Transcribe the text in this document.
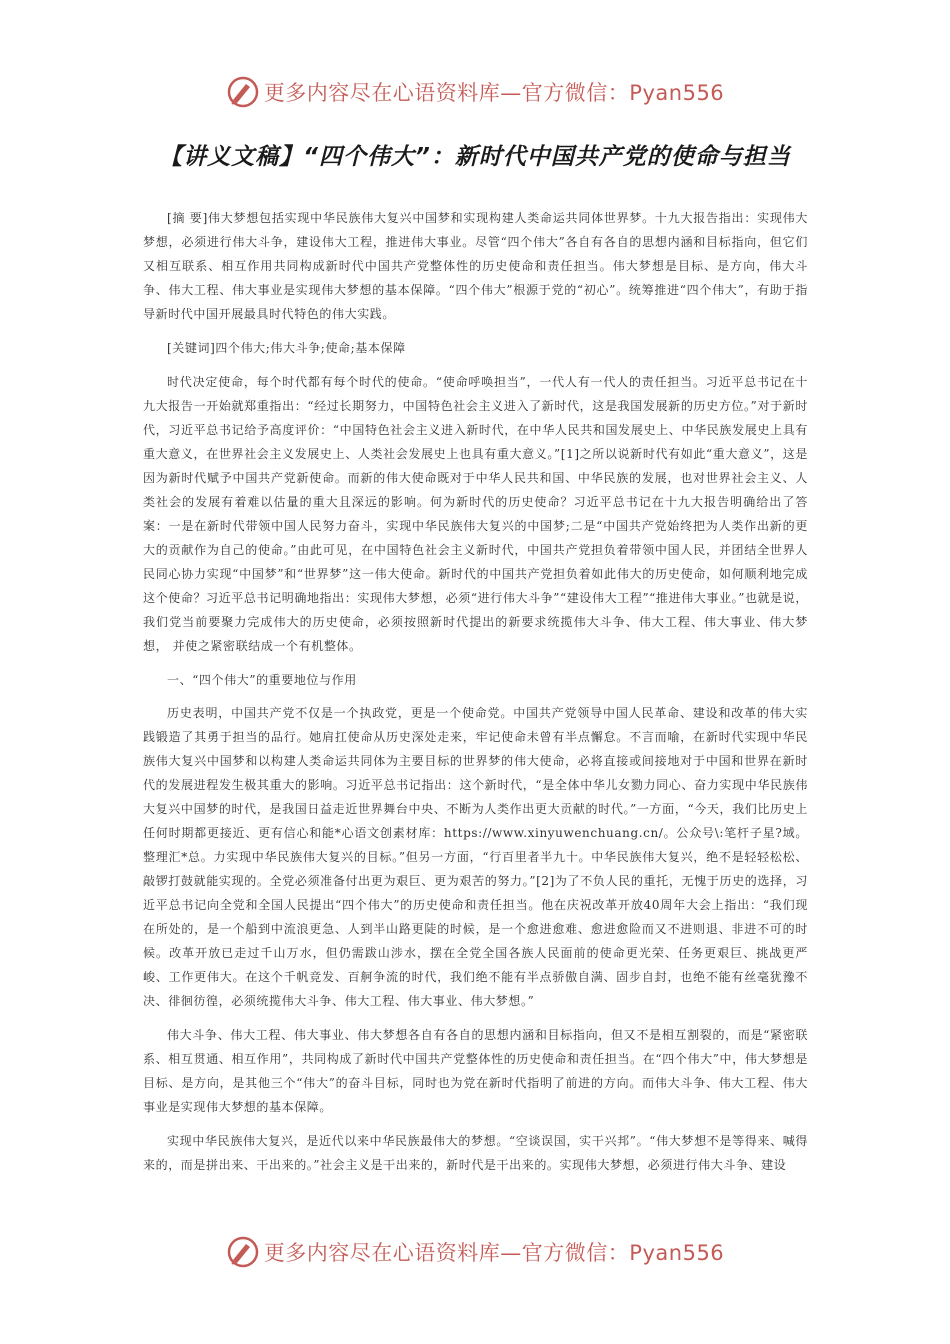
更多内容尽在心语资料库—官方微信：Pyan556
【讲义文稿】“四个伟大”：新时代中国共产党的使命与担当

[摘 要]伟大梦想包括实现中华民族伟大复兴中国梦和实现构建人类命运共同体世界梦。十九大报告指出：实现伟大梦想，必须进行伟大斗争，建设伟大工程，推进伟大事业。尽管“四个伟大”各自有各自的思想内涵和目标指向，但它们又相互联系、相互作用共同构成新时代中国共产党整体性的历史使命和责任担当。伟大梦想是目标、是方向，伟大斗争、伟大工程、伟大事业是实现伟大梦想的基本保障。“四个伟大”根源于党的“初心”。统筹推进“四个伟大”，有助于指导新时代中国开展最具时代特色的伟大实践。

[关键词]四个伟大;伟大斗争;使命;基本保障

时代决定使命，每个时代都有每个时代的使命。“使命呼唤担当”，一代人有一代人的责任担当。习近平总书记在十九大报告一开始就郑重指出：“经过长期努力，中国特色社会主义进入了新时代，这是我国发展新的历史方位。”对于新时代，习近平总书记给予高度评价：“中国特色社会主义进入新时代，在中华人民共和国发展史上、中华民族发展史上具有重大意义，在世界社会主义发展史上、人类社会发展史上也具有重大意义。”[1]之所以说新时代有如此“重大意义”，这是因为新时代赋予中国共产党新使命。而新的伟大使命既对于中华人民共和国、中华民族的发展，也对世界社会主义、人类社会的发展有着难以估量的重大且深远的影响。何为新时代的历史使命？习近平总书记在十九大报告明确给出了答案：一是在新时代带领中国人民努力奋斗，实现中华民族伟大复兴的中国梦;二是“中国共产党始终把为人类作出新的更大的贡献作为自己的使命。”由此可见，在中国特色社会主义新时代，中国共产党担负着带领中国人民，并团结全世界人民同心协力实现“中国梦”和“世界梦”这一伟大使命。新时代的中国共产党担负着如此伟大的历史使命，如何顺利地完成这个使命？习近平总书记明确地指出：实现伟大梦想，必须“进行伟大斗争”“建设伟大工程”“推进伟大事业。”也就是说，我们党当前要聚力完成伟大的历史使命，必须按照新时代提出的新要求统揽伟大斗争、伟大工程、伟大事业、伟大梦想， 并使之紧密联结成一个有机整体。

一、“四个伟大”的重要地位与作用

历史表明，中国共产党不仅是一个执政党，更是一个使命党。中国共产党领导中国人民革命、建设和改革的伟大实践锻造了其勇于担当的品行。她肩扛使命从历史深处走来，牢记使命未曾有半点懈怠。不言而喻，在新时代实现中华民族伟大复兴中国梦和以构建人类命运共同体为主要目标的世界梦的伟大使命，必将直接或间接地对于中国和世界在新时代的发展进程发生极其重大的影响。习近平总书记指出：这个新时代，“是全体中华儿女勠力同心、奋力实现中华民族伟大复兴中国梦的时代，是我国日益走近世界舞台中央、不断为人类作出更大贡献的时代。”一方面，“今天，我们比历史上任何时期都更接近、更有信心和能*心语文创素材库：https://www.xinyuwenchuang.cn/。公众号\:笔杆子星?域。整理汇*总。力实现中华民族伟大复兴的目标。”但另一方面，“行百里者半九十。中华民族伟大复兴，绝不是轻轻松松、敲锣打鼓就能实现的。全党必须准备付出更为艰巨、更为艰苦的努力。”[2]为了不负人民的重托，无愧于历史的选择，习近平总书记向全党和全国人民提出“四个伟大”的历史使命和责任担当。他在庆祝改革开放40周年大会上指出：“我们现在所处的，是一个船到中流浪更急、人到半山路更陡的时候，是一个愈进愈难、愈进愈险而又不进则退、非进不可的时候。改革开放已走过千山万水，但仍需跋山涉水，摆在全党全国各族人民面前的使命更光荣、任务更艰巨、挑战更严峻、工作更伟大。在这个千帆竞发、百舸争流的时代，我们绝不能有半点骄傲自满、固步自封，也绝不能有丝毫犹豫不决、徘徊彷徨，必须统揽伟大斗争、伟大工程、伟大事业、伟大梦想。”

伟大斗争、伟大工程、伟大事业、伟大梦想各自有各自的思想内涵和目标指向，但又不是相互割裂的，而是“紧密联系、相互贯通、相互作用”，共同构成了新时代中国共产党整体性的历史使命和责任担当。在“四个伟大”中，伟大梦想是目标、是方向，是其他三个“伟大”的奋斗目标，同时也为党在新时代指明了前进的方向。而伟大斗争、伟大工程、伟大事业是实现伟大梦想的基本保障。

实现中华民族伟大复兴，是近代以来中华民族最伟大的梦想。“空谈误国，实干兴邦”。“伟大梦想不是等得来、喊得来的，而是拼出来、干出来的。”社会主义是干出来的，新时代是干出来的。实现伟大梦想，必须进行伟大斗争、建设

更多内容尽在心语资料库—官方微信：Pyan556
